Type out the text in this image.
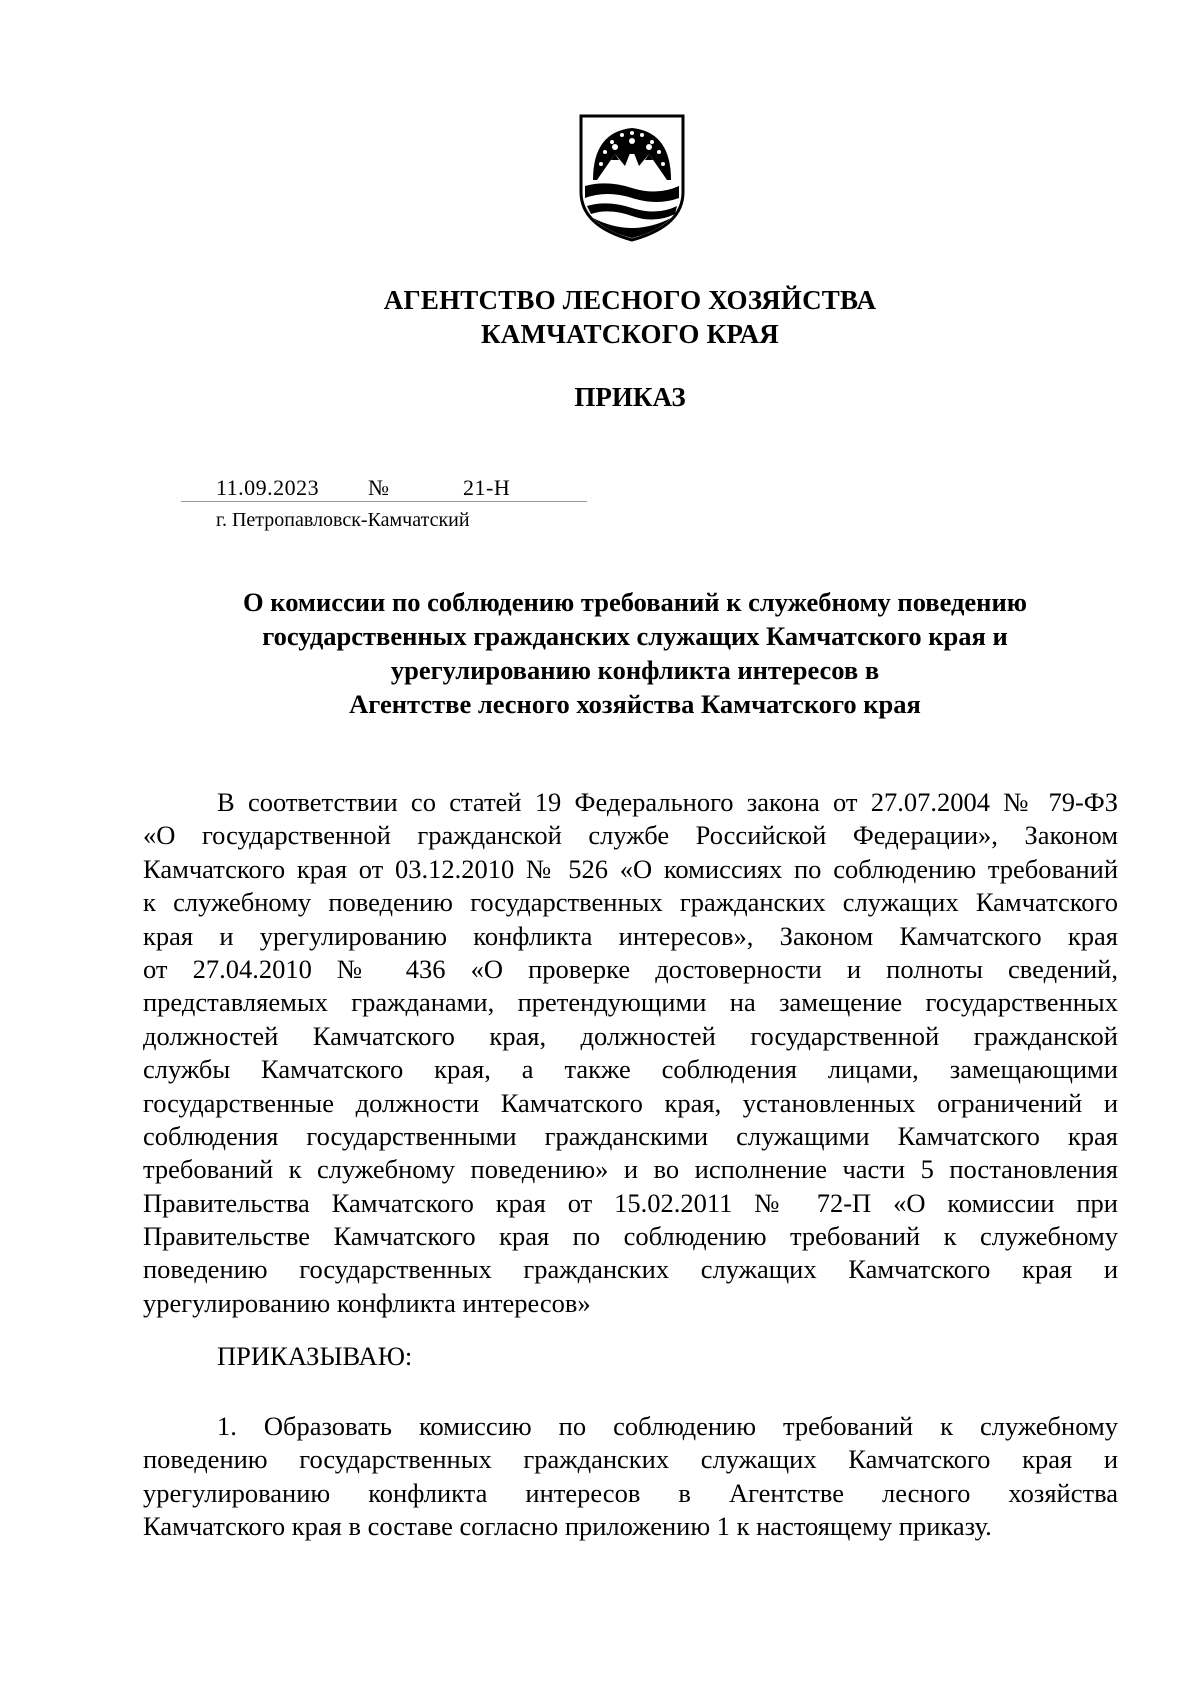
АГЕНТСТВО ЛЕСНОГО ХОЗЯЙСТВА
КАМЧАТСКОГО КРАЯ
ПРИКАЗ
11.09.2023 №	21-Н
г. Петропавловск-Камчатский
О комиссии по соблюдению требований к служебному поведению
государственных гражданских служащих Камчатского края и
урегулированию конфликта интересов в
Агентстве лесного хозяйства Камчатского края
В соответствии со статей 19 Федерального закона от 27.07.2004 № 79-ФЗ
«О государственной гражданской службе Российской Федерации», Законом
Камчатского края от 03.12.2010 № 526 «О комиссиях по соблюдению требований
к служебному поведению государственных гражданских служащих Камчатского
края и урегулированию конфликта интересов», Законом Камчатского края
от 27.04.2010 № 436 «О проверке достоверности и полноты сведений,
представляемых гражданами, претендующими на замещение государственных
должностей Камчатского края, должностей государственной гражданской
службы Камчатского края, а также соблюдения лицами, замещающими
государственные должности Камчатского края, установленных ограничений и
соблюдения государственными гражданскими служащими Камчатского края
требований к служебному поведению» и во исполнение части 5 постановления
Правительства Камчатского края от 15.02.2011 № 72-П «О комиссии при
Правительстве Камчатского края по соблюдению требований к служебному
поведению государственных гражданских служащих Камчатского края и
урегулированию конфликта интересов»
ПРИКАЗЫВАЮ:
1. Образовать комиссию по соблюдению требований к служебному
поведению государственных гражданских служащих Камчатского края и
урегулированию конфликта интересов в Агентстве лесного хозяйства
Камчатского края в составе согласно приложению 1 к настоящему приказу.
